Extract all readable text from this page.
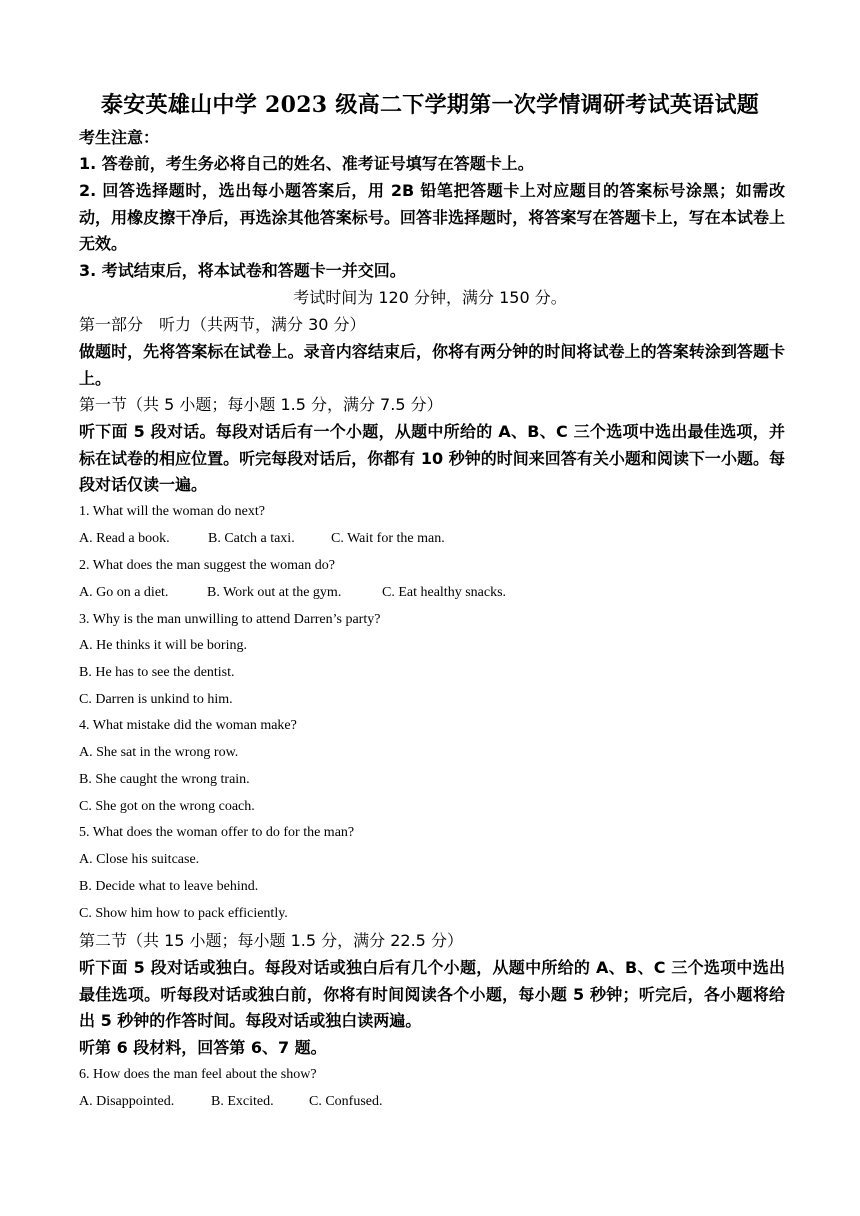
泰安英雄山中学 2023 级高二下学期第一次学情调研考试英语试题
考生注意：
1. 答卷前，考生务必将自己的姓名、准考证号填写在答题卡上。
2. 回答选择题时，选出每小题答案后，用 2B 铅笔把答题卡上对应题目的答案标号涂黑；如需改动，用橡皮擦干净后，再选涂其他答案标号。回答非选择题时，将答案写在答题卡上，写在本试卷上无效。
3. 考试结束后，将本试卷和答题卡一并交回。
考试时间为 120 分钟，满分 150 分。
第一部分　听力（共两节，满分 30 分）
做题时，先将答案标在试卷上。录音内容结束后，你将有两分钟的时间将试卷上的答案转涂到答题卡上。
第一节（共 5 小题；每小题 1.5 分，满分 7.5 分）
听下面 5 段对话。每段对话后有一个小题，从题中所给的 A、B、C 三个选项中选出最佳选项，并标在试卷的相应位置。听完每段对话后，你都有 10 秒钟的时间来回答有关小题和阅读下一小题。每段对话仅读一遍。
1. What will the woman do next?
A. Read a book.	B. Catch a taxi.	C. Wait for the man.
2. What does the man suggest the woman do?
A. Go on a diet.	B. Work out at the gym.	C. Eat healthy snacks.
3. Why is the man unwilling to attend Darren’s party?
A. He thinks it will be boring.
B. He has to see the dentist.
C. Darren is unkind to him.
4. What mistake did the woman make?
A. She sat in the wrong row.
B. She caught the wrong train.
C. She got on the wrong coach.
5. What does the woman offer to do for the man?
A. Close his suitcase.
B. Decide what to leave behind.
C. Show him how to pack efficiently.
第二节（共 15 小题；每小题 1.5 分，满分 22.5 分）
听下面 5 段对话或独白。每段对话或独白后有几个小题，从题中所给的 A、B、C 三个选项中选出最佳选项。听每段对话或独白前，你将有时间阅读各个小题，每小题 5 秒钟；听完后，各小题将给出 5 秒钟的作答时间。每段对话或独白读两遍。
听第 6 段材料，回答第 6、7 题。
6. How does the man feel about the show?
A. Disappointed.	B. Excited.	C. Confused.
